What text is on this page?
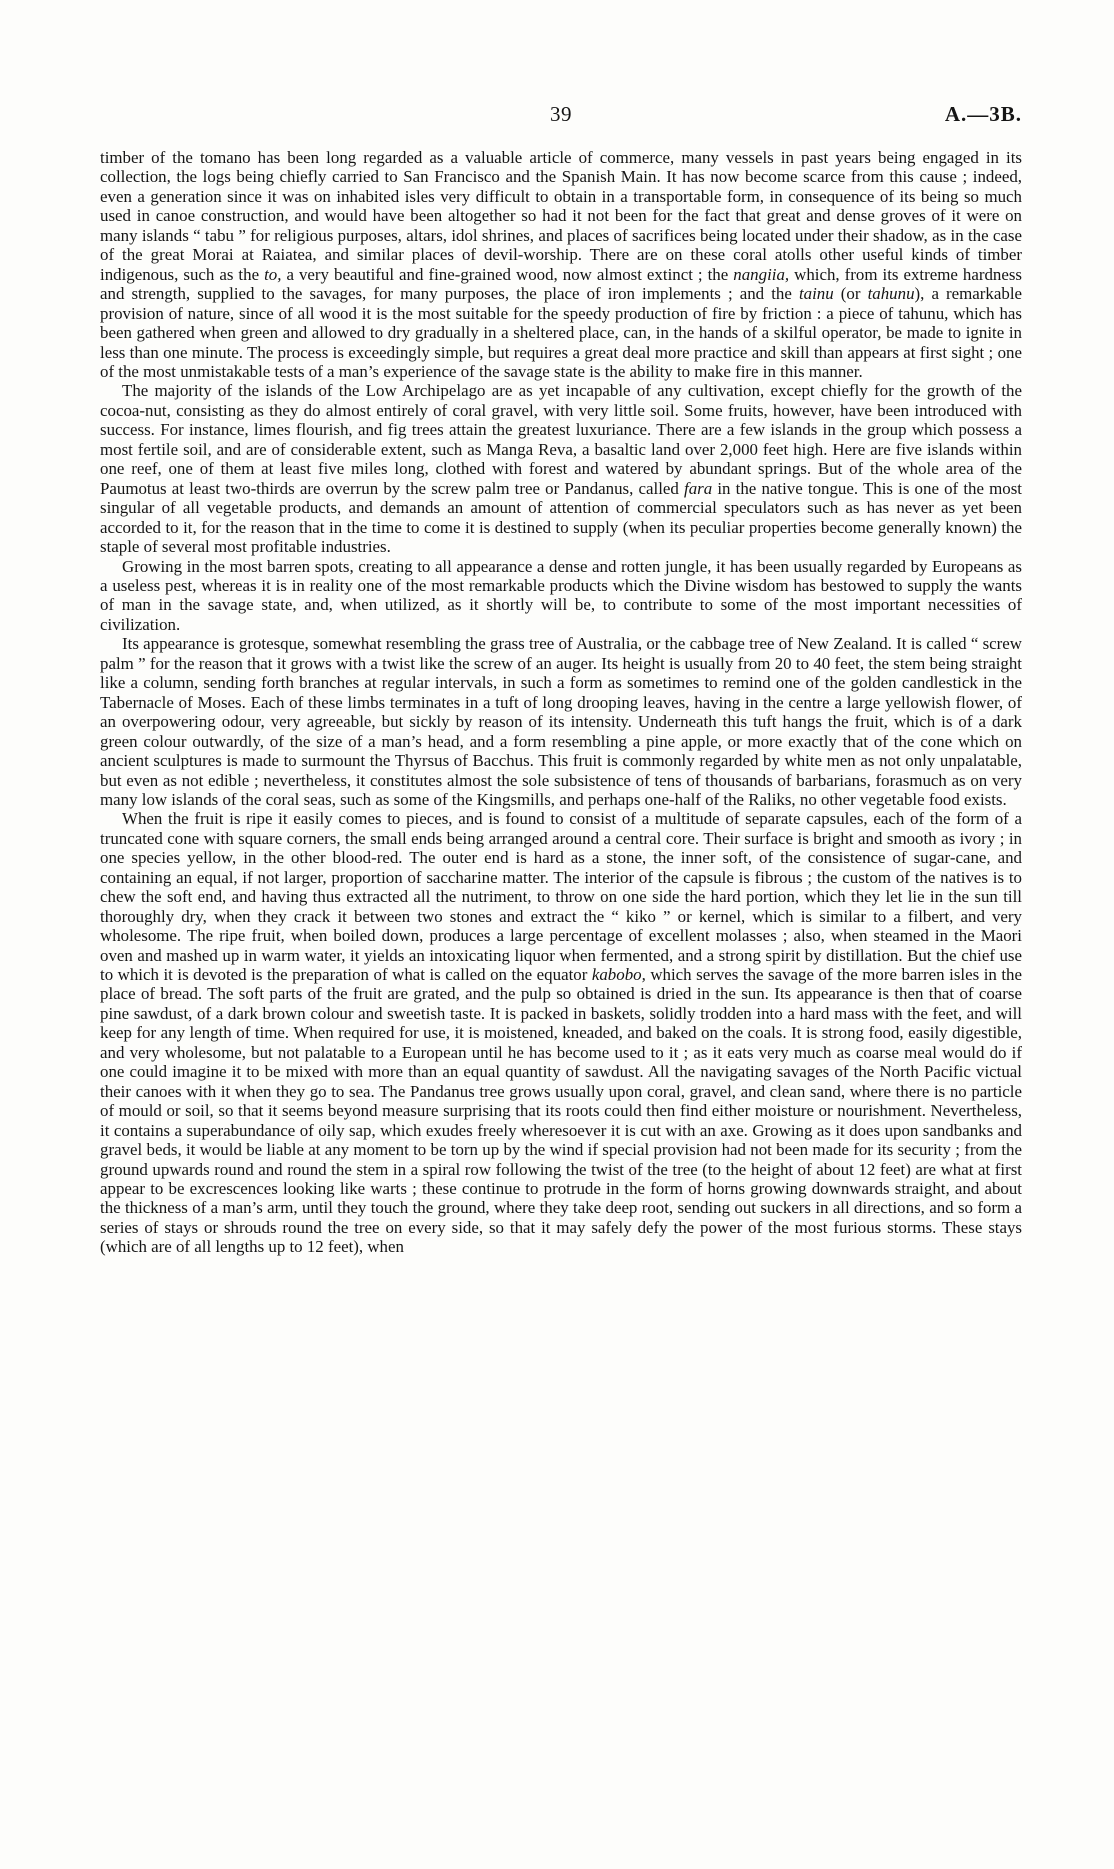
39	A.—3B.

timber of the tomano has been long regarded as a valuable article of commerce, many vessels in past years being engaged in its collection, the logs being chiefly carried to San Francisco and the Spanish Main. It has now become scarce from this cause ; indeed, even a generation since it was on inhabited isles very difficult to obtain in a transportable form, in consequence of its being so much used in canoe construction, and would have been altogether so had it not been for the fact that great and dense groves of it were on many islands “ tabu ” for religious purposes, altars, idol shrines, and places of sacrifices being located under their shadow, as in the case of the great Morai at Raiatea, and similar places of devil-worship. There are on these coral atolls other useful kinds of timber indigenous, such as the to, a very beautiful and fine-grained wood, now almost extinct ; the nangiia, which, from its extreme hardness and strength, supplied to the savages, for many purposes, the place of iron implements ; and the tainu (or tahunu), a remarkable provision of nature, since of all wood it is the most suitable for the speedy production of fire by friction : a piece of tahunu, which has been gathered when green and allowed to dry gradually in a sheltered place, can, in the hands of a skilful operator, be made to ignite in less than one minute. The process is exceedingly simple, but requires a great deal more practice and skill than appears at first sight ; one of the most unmistakable tests of a man’s experience of the savage state is the ability to make fire in this manner.

The majority of the islands of the Low Archipelago are as yet incapable of any cultivation, except chiefly for the growth of the cocoa-nut, consisting as they do almost entirely of coral gravel, with very little soil. Some fruits, however, have been introduced with success. For instance, limes flourish, and fig trees attain the greatest luxuriance. There are a few islands in the group which possess a most fertile soil, and are of considerable extent, such as Manga Reva, a basaltic land over 2,000 feet high. Here are five islands within one reef, one of them at least five miles long, clothed with forest and watered by abundant springs. But of the whole area of the Paumotus at least two-thirds are overrun by the screw palm tree or Pandanus, called fara in the native tongue. This is one of the most singular of all vegetable products, and demands an amount of attention of commercial speculators such as has never as yet been accorded to it, for the reason that in the time to come it is destined to supply (when its peculiar properties become generally known) the staple of several most profitable industries.

Growing in the most barren spots, creating to all appearance a dense and rotten jungle, it has been usually regarded by Europeans as a useless pest, whereas it is in reality one of the most remarkable products which the Divine wisdom has bestowed to supply the wants of man in the savage state, and, when utilized, as it shortly will be, to contribute to some of the most important necessities of civilization.

Its appearance is grotesque, somewhat resembling the grass tree of Australia, or the cabbage tree of New Zealand. It is called “ screw palm ” for the reason that it grows with a twist like the screw of an auger. Its height is usually from 20 to 40 feet, the stem being straight like a column, sending forth branches at regular intervals, in such a form as sometimes to remind one of the golden candlestick in the Tabernacle of Moses. Each of these limbs terminates in a tuft of long drooping leaves, having in the centre a large yellowish flower, of an overpowering odour, very agreeable, but sickly by reason of its intensity. Underneath this tuft hangs the fruit, which is of a dark green colour outwardly, of the size of a man’s head, and a form resembling a pine apple, or more exactly that of the cone which on ancient sculptures is made to surmount the Thyrsus of Bacchus. This fruit is commonly regarded by white men as not only unpalatable, but even as not edible ; nevertheless, it constitutes almost the sole subsistence of tens of thousands of barbarians, forasmuch as on very many low islands of the coral seas, such as some of the Kingsmills, and perhaps one-half of the Raliks, no other vegetable food exists.

When the fruit is ripe it easily comes to pieces, and is found to consist of a multitude of separate capsules, each of the form of a truncated cone with square corners, the small ends being arranged around a central core. Their surface is bright and smooth as ivory ; in one species yellow, in the other blood-red. The outer end is hard as a stone, the inner soft, of the consistence of sugar-cane, and containing an equal, if not larger, proportion of saccharine matter. The interior of the capsule is fibrous ; the custom of the natives is to chew the soft end, and having thus extracted all the nutriment, to throw on one side the hard portion, which they let lie in the sun till thoroughly dry, when they crack it between two stones and extract the “ kiko ” or kernel, which is similar to a filbert, and very wholesome. The ripe fruit, when boiled down, produces a large percentage of excellent molasses ; also, when steamed in the Maori oven and mashed up in warm water, it yields an intoxicating liquor when fermented, and a strong spirit by distillation. But the chief use to which it is devoted is the preparation of what is called on the equator kabobo, which serves the savage of the more barren isles in the place of bread. The soft parts of the fruit are grated, and the pulp so obtained is dried in the sun. Its appearance is then that of coarse pine sawdust, of a dark brown colour and sweetish taste. It is packed in baskets, solidly trodden into a hard mass with the feet, and will keep for any length of time. When required for use, it is moistened, kneaded, and baked on the coals. It is strong food, easily digestible, and very wholesome, but not palatable to a European until he has become used to it ; as it eats very much as coarse meal would do if one could imagine it to be mixed with more than an equal quantity of sawdust. All the navigating savages of the North Pacific victual their canoes with it when they go to sea. The Pandanus tree grows usually upon coral, gravel, and clean sand, where there is no particle of mould or soil, so that it seems beyond measure surprising that its roots could then find either moisture or nourishment. Nevertheless, it contains a superabundance of oily sap, which exudes freely wheresoever it is cut with an axe. Growing as it does upon sandbanks and gravel beds, it would be liable at any moment to be torn up by the wind if special provision had not been made for its security ; from the ground upwards round and round the stem in a spiral row following the twist of the tree (to the height of about 12 feet) are what at first appear to be excrescences looking like warts ; these continue to protrude in the form of horns growing downwards straight, and about the thickness of a man’s arm, until they touch the ground, where they take deep root, sending out suckers in all directions, and so form a series of stays or shrouds round the tree on every side, so that it may safely defy the power of the most furious storms. These stays (which are of all lengths up to 12 feet), when
